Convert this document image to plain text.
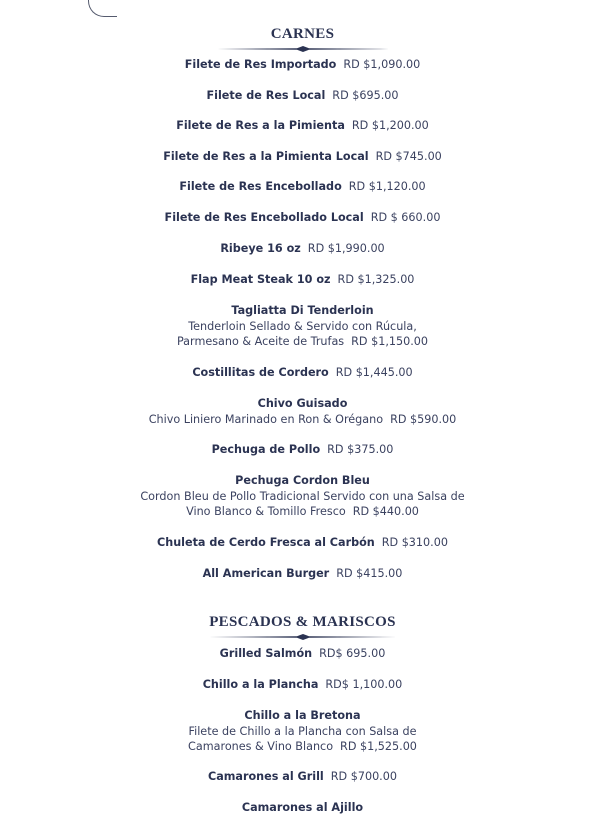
CARNES
Filete de Res Importado RD $1,090.00
Filete de Res Local RD $695.00
Filete de Res a la Pimienta RD $1,200.00
Filete de Res a la Pimienta Local RD $745.00
Filete de Res Encebollado RD $1,120.00
Filete de Res Encebollado Local RD $ 660.00
Ribeye 16 oz RD $1,990.00
Flap Meat Steak 10 oz RD $1,325.00
Tagliatta Di Tenderloin
Tenderloin Sellado & Servido con Rúcula,
Parmesano & Aceite de Trufas RD $1,150.00
Costillitas de Cordero RD $1,445.00
Chivo Guisado
Chivo Liniero Marinado en Ron & Orégano RD $590.00
Pechuga de Pollo RD $375.00
Pechuga Cordon Bleu
Cordon Bleu de Pollo Tradicional Servido con una Salsa de
Vino Blanco & Tomillo Fresco RD $440.00
Chuleta de Cerdo Fresca al Carbón RD $310.00
All American Burger RD $415.00
PESCADOS & MARISCOS
Grilled Salmón RD$ 695.00
Chillo a la Plancha RD$ 1,100.00
Chillo a la Bretona
Filete de Chillo a la Plancha con Salsa de
Camarones & Vino Blanco RD $1,525.00
Camarones al Grill RD $700.00
Camarones al Ajillo
